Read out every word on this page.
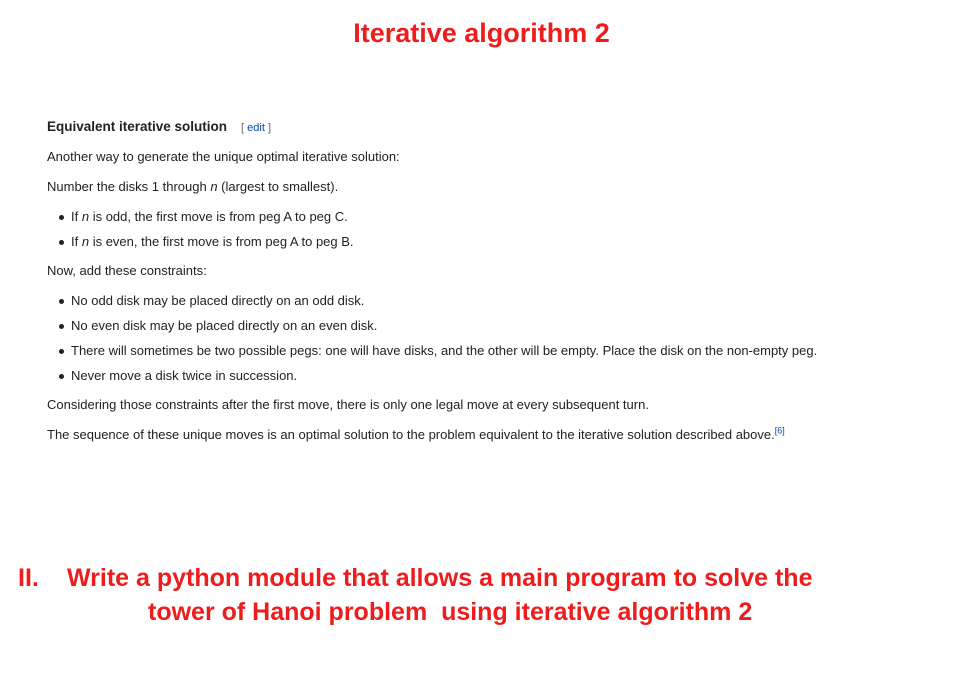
Iterative algorithm 2
Equivalent iterative solution [ edit ]

Another way to generate the unique optimal iterative solution:

Number the disks 1 through n (largest to smallest).

If n is odd, the first move is from peg A to peg C.
If n is even, the first move is from peg A to peg B.

Now, add these constraints:

No odd disk may be placed directly on an odd disk.
No even disk may be placed directly on an even disk.
There will sometimes be two possible pegs: one will have disks, and the other will be empty. Place the disk on the non-empty peg.
Never move a disk twice in succession.

Considering those constraints after the first move, there is only one legal move at every subsequent turn.

The sequence of these unique moves is an optimal solution to the problem equivalent to the iterative solution described above.[6]

II. Write a python module that allows a main program to solve the
tower of Hanoi problem  using iterative algorithm 2
